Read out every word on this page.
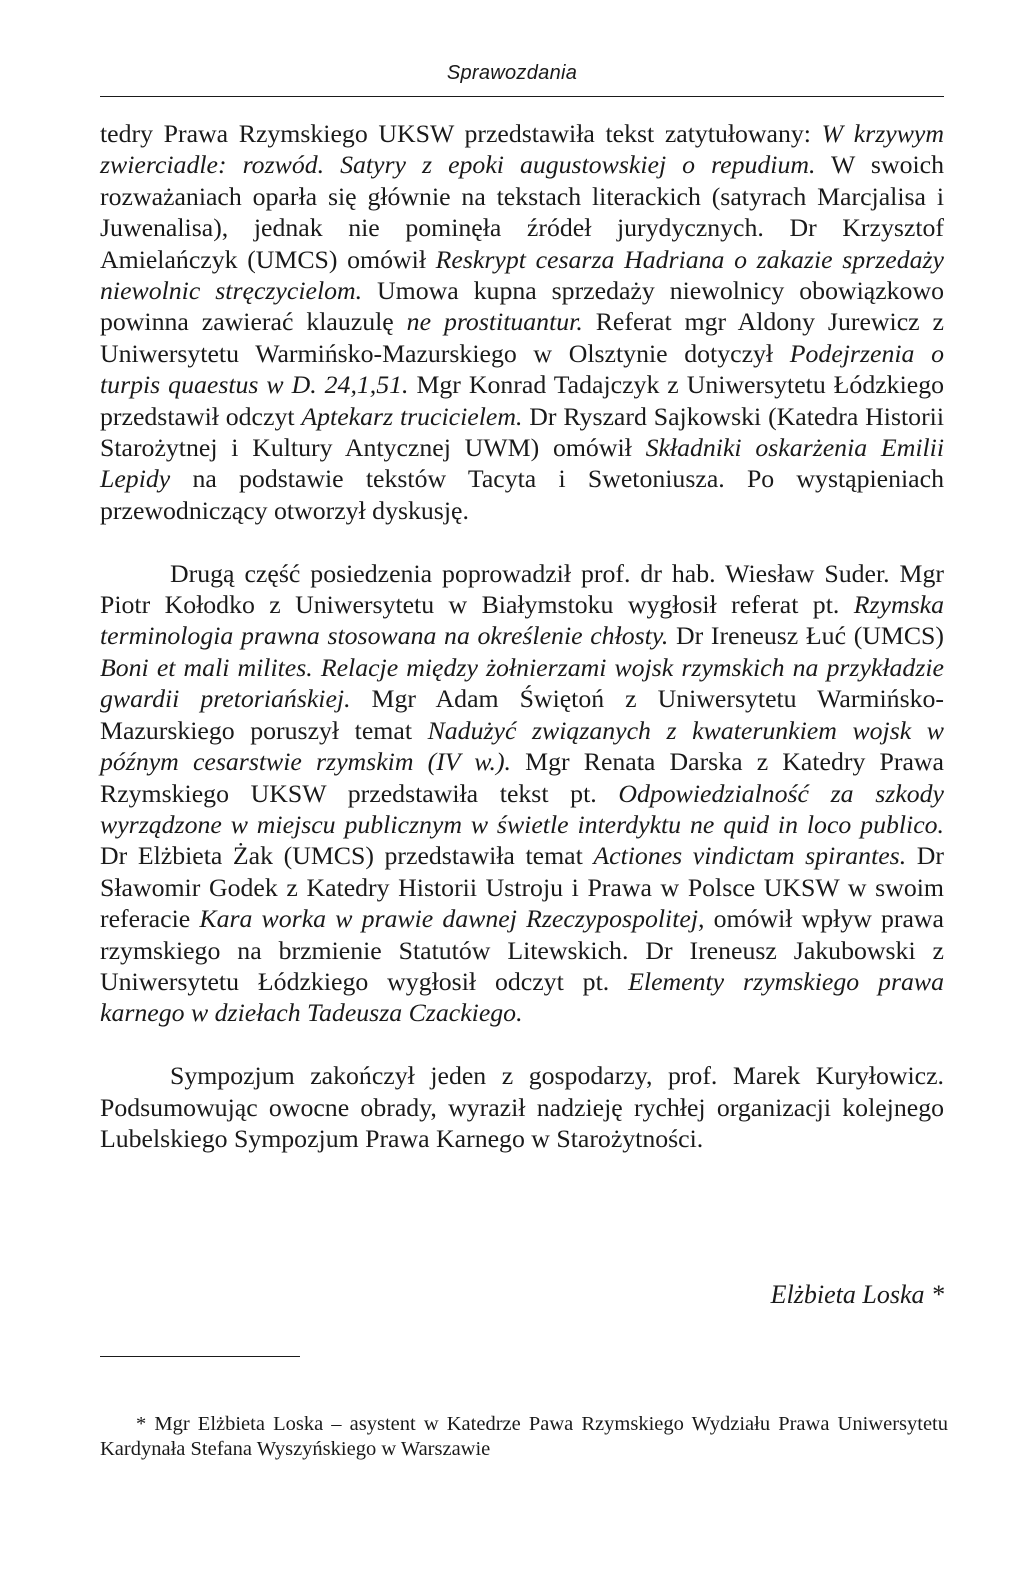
Sprawozdania

tedry Prawa Rzymskiego UKSW przedstawiła tekst zatytułowany: W krzywym zwierciadle: rozwód. Satyry z epoki augustowskiej o repudium. W swoich rozważaniach oparła się głównie na tekstach literackich (satyrach Marcjalisa i Juwenalisa), jednak nie pominęła źródeł jurydycznych. Dr Krzysztof Amielańczyk (UMCS) omówił Reskrypt cesarza Hadriana o zakazie sprzedaży niewolnic stręczycielom. Umowa kupna sprzedaży niewolnicy obowiązkowo powinna zawierać klauzulę ne prostituantur. Referat mgr Aldony Jurewicz z Uniwersytetu Warmińsko-Mazurskiego w Olsztynie dotyczył Podejrzenia o turpis quaestus w D. 24,1,51. Mgr Konrad Tadajczyk z Uniwersytetu Łódzkiego przedstawił odczyt Aptekarz trucicielem. Dr Ryszard Sajkowski (Katedra Historii Starożytnej i Kultury Antycznej UWM) omówił Składniki oskarżenia Emilii Lepidy na podstawie tekstów Tacyta i Swetoniusza. Po wystąpieniach przewodniczący otworzył dyskusję.

Drugą część posiedzenia poprowadził prof. dr hab. Wiesław Suder. Mgr Piotr Kołodko z Uniwersytetu w Białymstoku wygłosił referat pt. Rzymska terminologia prawna stosowana na określenie chłosty. Dr Ireneusz Łuć (UMCS) Boni et mali milites. Relacje między żołnierzami wojsk rzymskich na przykładzie gwardii pretoriańskiej. Mgr Adam Świętoń z Uniwersytetu Warmińsko-Mazurskiego poruszył temat Nadużyć związanych z kwaterunkiem wojsk w późnym cesarstwie rzymskim (IV w.). Mgr Renata Darska z Katedry Prawa Rzymskiego UKSW przedstawiła tekst pt. Odpowiedzialność za szkody wyrządzone w miejscu publicznym w świetle interdyktu ne quid in loco publico. Dr Elżbieta Żak (UMCS) przedstawiła temat Actiones vindictam spirantes. Dr Sławomir Godek z Katedry Historii Ustroju i Prawa w Polsce UKSW w swoim referacie Kara worka w prawie dawnej Rzeczypospolitej, omówił wpływ prawa rzymskiego na brzmienie Statutów Litewskich. Dr Ireneusz Jakubowski z Uniwersytetu Łódzkiego wygłosił odczyt pt. Elementy rzymskiego prawa karnego w dziełach Tadeusza Czackiego.

Sympozjum zakończył jeden z gospodarzy, prof. Marek Kuryłowicz. Podsumowując owocne obrady, wyraził nadzieję rychłej organizacji kolejnego Lubelskiego Sympozjum Prawa Karnego w Starożytności.

Elżbieta Loska *
* Mgr Elżbieta Loska – asystent w Katedrze Pawa Rzymskiego Wydziału Prawa Uniwersytetu Kardynała Stefana Wyszyńskiego w Warszawie
